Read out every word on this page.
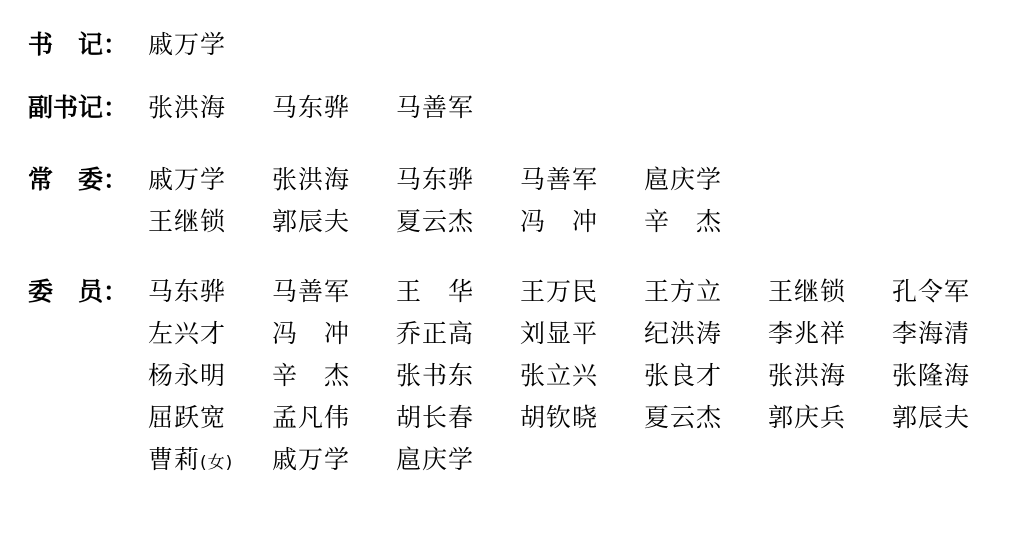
书　记： 戚万学
副书记： 张洪海	马东骅	马善军
常　委： 戚万学	张洪海	马东骅	马善军	扈庆学
王继锁	郭辰夫	夏云杰	冯　冲	辛　杰
委　员： 马东骅	马善军	王　华	王万民	王方立	王继锁	孔令军
左兴才	冯　冲	乔正高	刘显平	纪洪涛	李兆祥	李海清
杨永明	辛　杰	张书东	张立兴	张良才	张洪海	张隆海
屈跃宽	孟凡伟	胡长春	胡钦晓	夏云杰	郭庆兵	郭辰夫
曹莉(女)	戚万学	扈庆学
